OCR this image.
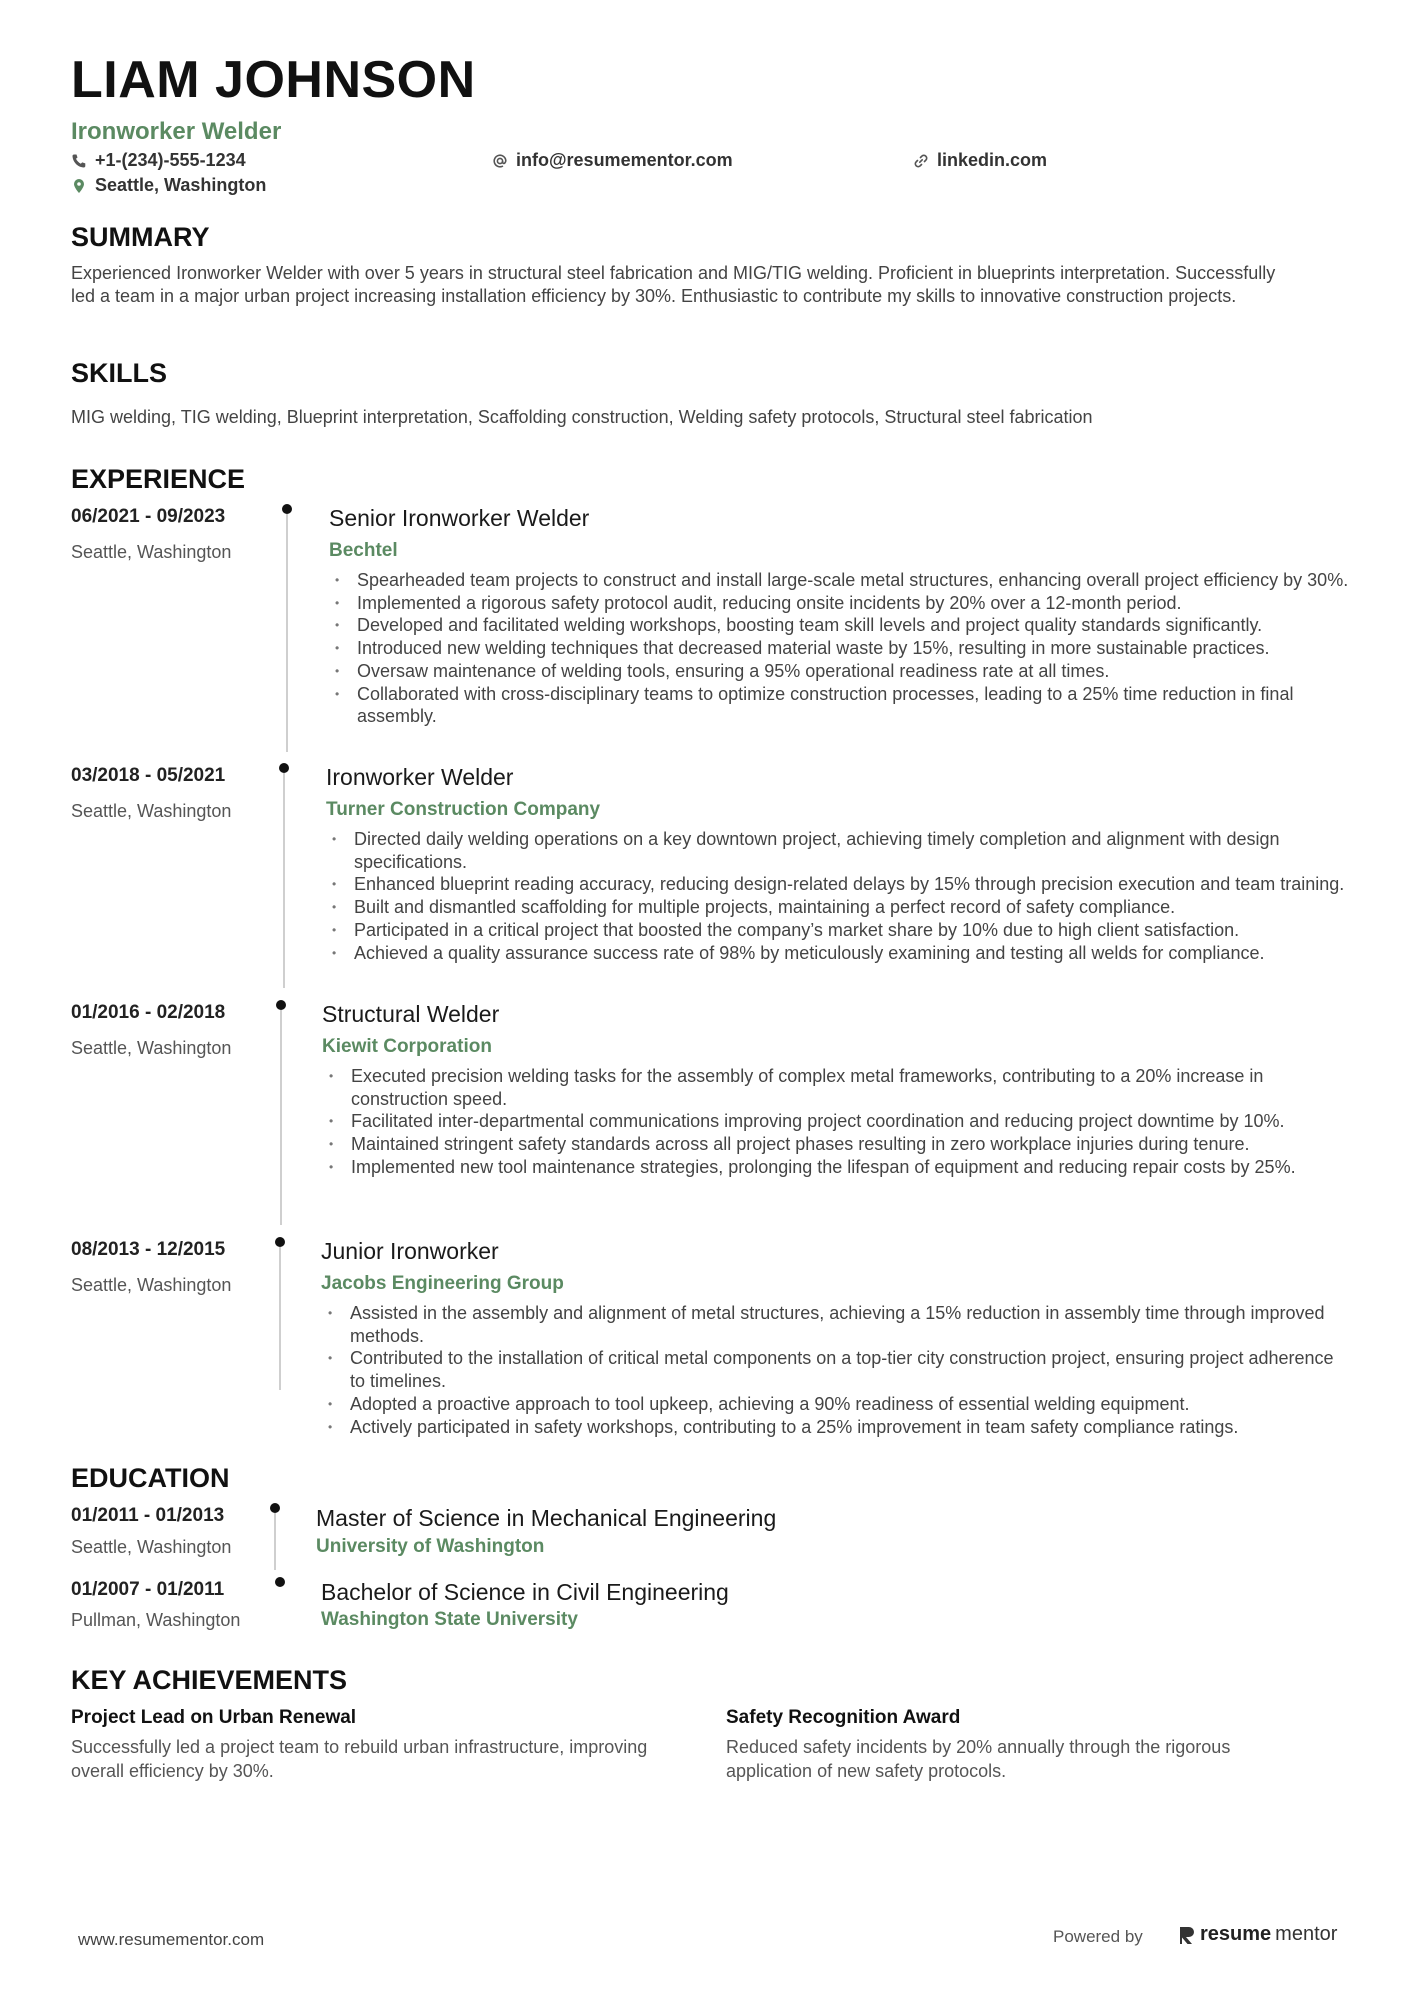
LIAM JOHNSON
Ironworker Welder
+1-(234)-555-1234	info@resumementor.com	linkedin.com
Seattle, Washington
SUMMARY

Experienced Ironworker Welder with over 5 years in structural steel fabrication and MIG/TIG welding. Proficient in blueprints interpretation. Successfully led a team in a major urban project increasing installation efficiency by 30%. Enthusiastic to contribute my skills to innovative construction projects.

SKILLS

MIG welding, TIG welding, Blueprint interpretation, Scaffolding construction, Welding safety protocols, Structural steel fabrication

EXPERIENCE
06/2021 - 09/2023
Seattle, Washington
Senior Ironworker Welder
Bechtel
• Spearheaded team projects to construct and install large-scale metal structures, enhancing overall project efficiency by 30%.
• Implemented a rigorous safety protocol audit, reducing onsite incidents by 20% over a 12-month period.
• Developed and facilitated welding workshops, boosting team skill levels and project quality standards significantly.
• Introduced new welding techniques that decreased material waste by 15%, resulting in more sustainable practices.
• Oversaw maintenance of welding tools, ensuring a 95% operational readiness rate at all times.
• Collaborated with cross-disciplinary teams to optimize construction processes, leading to a 25% time reduction in final assembly.
03/2018 - 05/2021
Seattle, Washington
Ironworker Welder
Turner Construction Company
• Directed daily welding operations on a key downtown project, achieving timely completion and alignment with design specifications.
• Enhanced blueprint reading accuracy, reducing design-related delays by 15% through precision execution and team training.
• Built and dismantled scaffolding for multiple projects, maintaining a perfect record of safety compliance.
• Participated in a critical project that boosted the company’s market share by 10% due to high client satisfaction.
• Achieved a quality assurance success rate of 98% by meticulously examining and testing all welds for compliance.
01/2016 - 02/2018
Seattle, Washington
Structural Welder
Kiewit Corporation
• Executed precision welding tasks for the assembly of complex metal frameworks, contributing to a 20% increase in construction speed.
• Facilitated inter-departmental communications improving project coordination and reducing project downtime by 10%.
• Maintained stringent safety standards across all project phases resulting in zero workplace injuries during tenure.
• Implemented new tool maintenance strategies, prolonging the lifespan of equipment and reducing repair costs by 25%.
08/2013 - 12/2015
Seattle, Washington
Junior Ironworker
Jacobs Engineering Group
• Assisted in the assembly and alignment of metal structures, achieving a 15% reduction in assembly time through improved methods.
• Contributed to the installation of critical metal components on a top-tier city construction project, ensuring project adherence to timelines.
• Adopted a proactive approach to tool upkeep, achieving a 90% readiness of essential welding equipment.
• Actively participated in safety workshops, contributing to a 25% improvement in team safety compliance ratings.
EDUCATION
01/2011 - 01/2013
Seattle, Washington
Master of Science in Mechanical Engineering
University of Washington
01/2007 - 01/2011
Pullman, Washington
Bachelor of Science in Civil Engineering
Washington State University
KEY ACHIEVEMENTS
Project Lead on Urban Renewal

Successfully led a project team to rebuild urban infrastructure, improving overall efficiency by 30%.

Safety Recognition Award

Reduced safety incidents by 20% annually through the rigorous application of new safety protocols.

www.resumementor.com	Powered by	resume mentor
